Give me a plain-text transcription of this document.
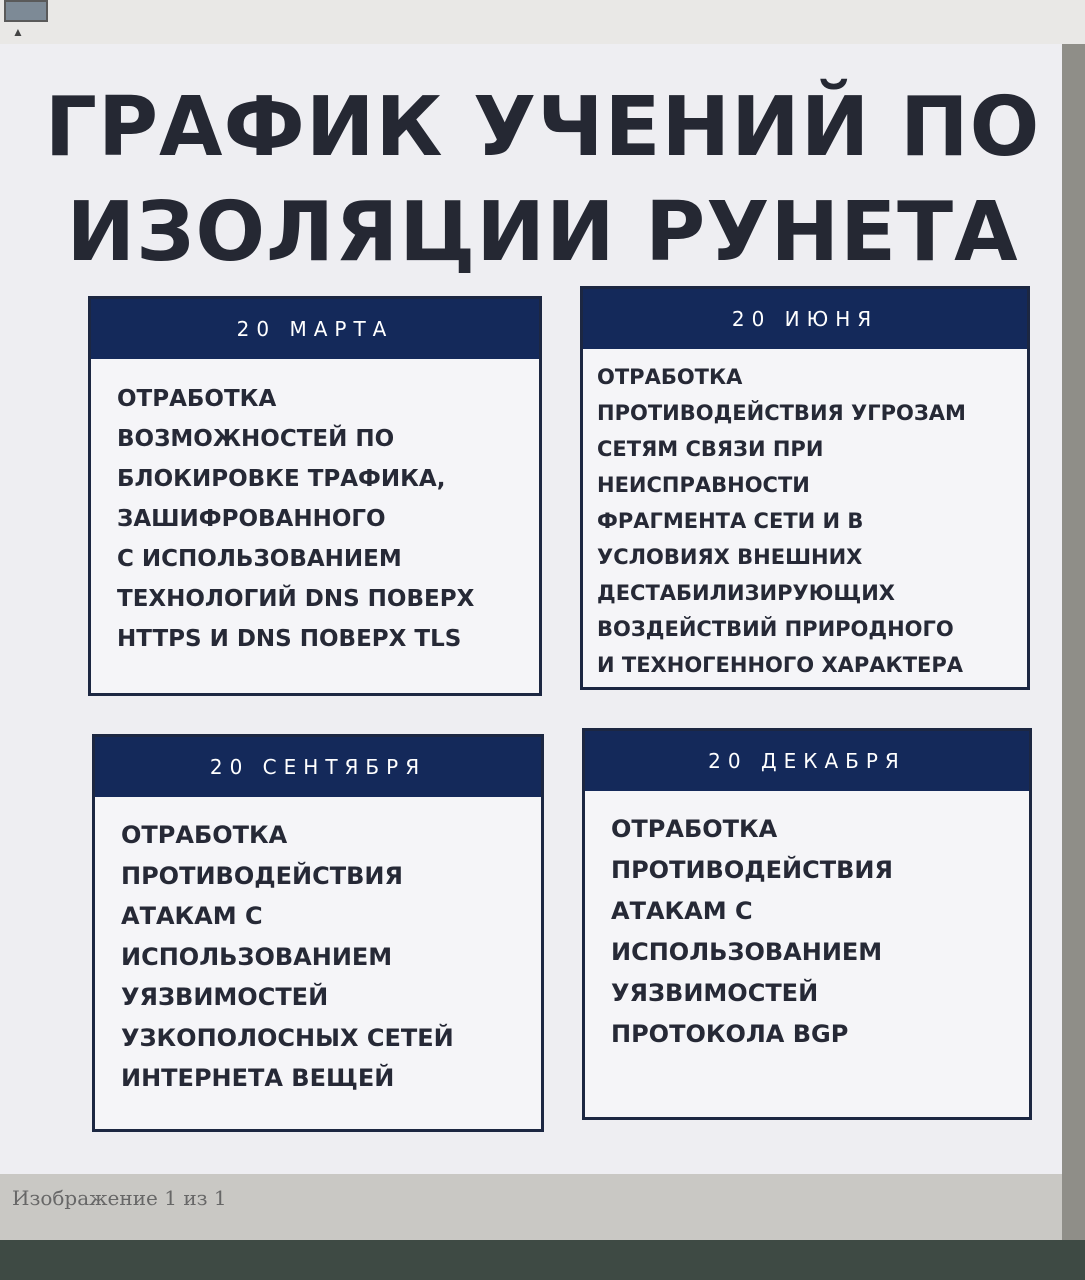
▲
ГРАФИК УЧЕНИЙ ПО
ИЗОЛЯЦИИ РУНЕТА
20 МАРТА
ОТРАБОТКА
ВОЗМОЖНОСТЕЙ ПО
БЛОКИРОВКЕ ТРАФИКА,
ЗАШИФРОВАННОГО
С ИСПОЛЬЗОВАНИЕМ
ТЕХНОЛОГИЙ DNS ПОВЕРХ
HTTPS И DNS ПОВЕРХ TLS
20 ИЮНЯ
ОТРАБОТКА
ПРОТИВОДЕЙСТВИЯ УГРОЗАМ
СЕТЯМ СВЯЗИ ПРИ
НЕИСПРАВНОСТИ
ФРАГМЕНТА СЕТИ И В
УСЛОВИЯХ ВНЕШНИХ
ДЕСТАБИЛИЗИРУЮЩИХ
ВОЗДЕЙСТВИЙ ПРИРОДНОГО
И ТЕХНОГЕННОГО ХАРАКТЕРА
20 СЕНТЯБРЯ
ОТРАБОТКА
ПРОТИВОДЕЙСТВИЯ
АТАКАМ С
ИСПОЛЬЗОВАНИЕМ
УЯЗВИМОСТЕЙ
УЗКОПОЛОСНЫХ СЕТЕЙ
ИНТЕРНЕТА ВЕЩЕЙ
20 ДЕКАБРЯ
ОТРАБОТКА
ПРОТИВОДЕЙСТВИЯ
АТАКАМ С
ИСПОЛЬЗОВАНИЕМ
УЯЗВИМОСТЕЙ
ПРОТОКОЛА BGP
Изображение 1 из 1
